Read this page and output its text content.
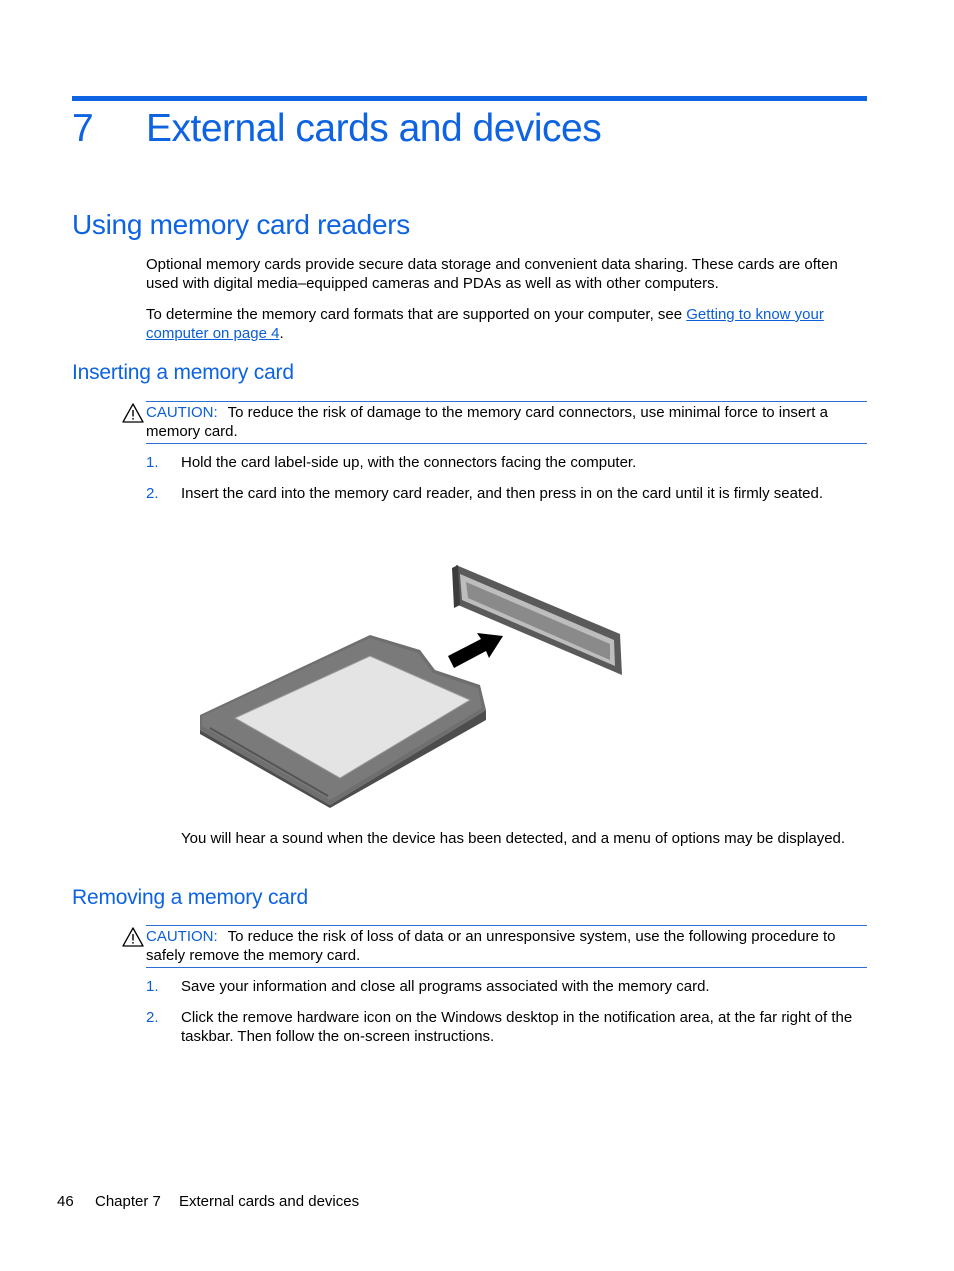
7 External cards and devices
Using memory card readers
Optional memory cards provide secure data storage and convenient data sharing. These cards are often used with digital media–equipped cameras and PDAs as well as with other computers.
To determine the memory card formats that are supported on your computer, see Getting to know your computer on page 4.
Inserting a memory card
CAUTION: To reduce the risk of damage to the memory card connectors, use minimal force to insert a memory card.
1. Hold the card label-side up, with the connectors facing the computer.
2. Insert the card into the memory card reader, and then press in on the card until it is firmly seated.
You will hear a sound when the device has been detected, and a menu of options may be displayed.
Removing a memory card
CAUTION: To reduce the risk of loss of data or an unresponsive system, use the following procedure to safely remove the memory card.
1. Save your information and close all programs associated with the memory card.
2. Click the remove hardware icon on the Windows desktop in the notification area, at the far right of the taskbar. Then follow the on-screen instructions.
46 Chapter 7 External cards and devices
